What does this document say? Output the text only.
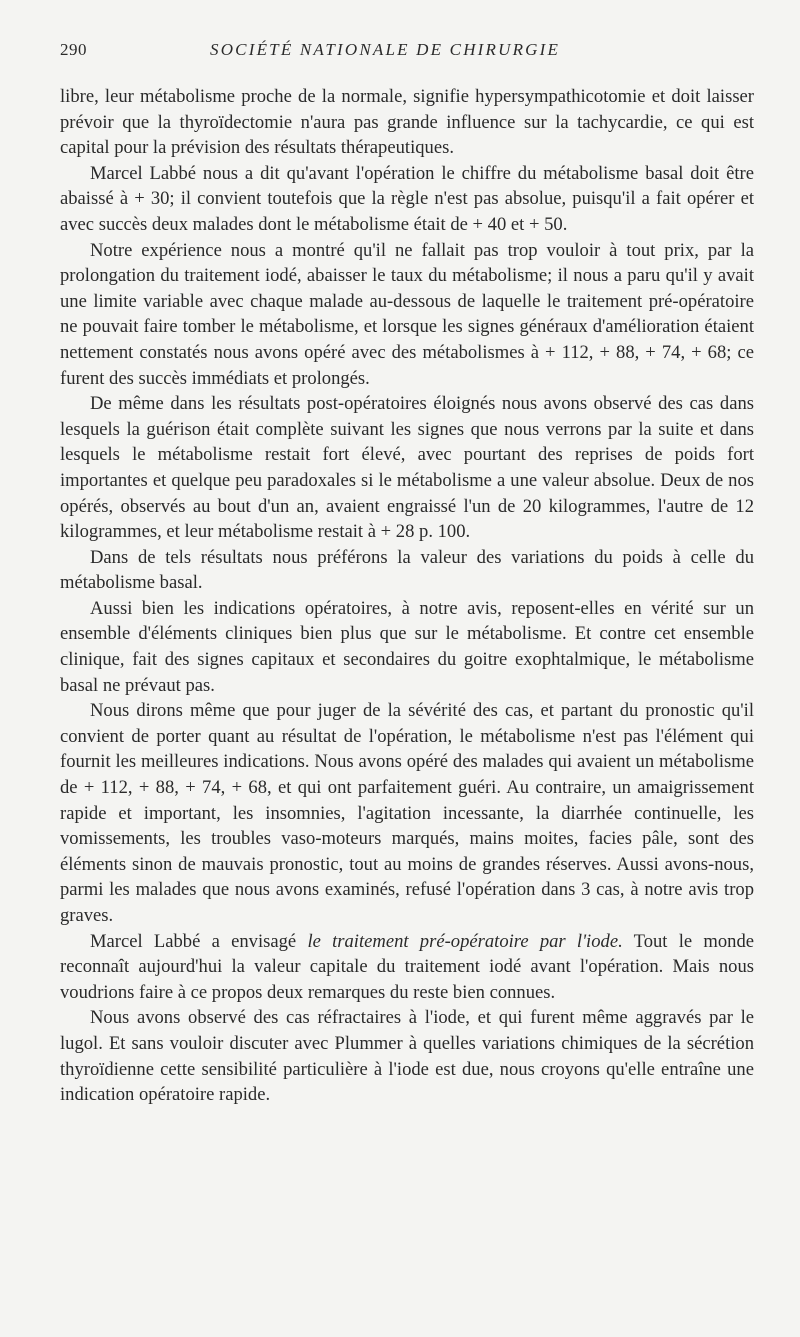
290	SOCIÉTÉ NATIONALE DE CHIRURGIE

libre, leur métabolisme proche de la normale, signifie hypersympathicotomie et doit laisser prévoir que la thyroïdectomie n'aura pas grande influence sur la tachycardie, ce qui est capital pour la prévision des résultats thérapeutiques.

Marcel Labbé nous a dit qu'avant l'opération le chiffre du métabolisme basal doit être abaissé à + 30; il convient toutefois que la règle n'est pas absolue, puisqu'il a fait opérer et avec succès deux malades dont le métabolisme était de + 40 et + 50.

Notre expérience nous a montré qu'il ne fallait pas trop vouloir à tout prix, par la prolongation du traitement iodé, abaisser le taux du métabolisme; il nous a paru qu'il y avait une limite variable avec chaque malade au-dessous de laquelle le traitement pré-opératoire ne pouvait faire tomber le métabolisme, et lorsque les signes généraux d'amélioration étaient nettement constatés nous avons opéré avec des métabolismes à + 112, + 88, + 74, + 68; ce furent des succès immédiats et prolongés.

De même dans les résultats post-opératoires éloignés nous avons observé des cas dans lesquels la guérison était complète suivant les signes que nous verrons par la suite et dans lesquels le métabolisme restait fort élevé, avec pourtant des reprises de poids fort importantes et quelque peu paradoxales si le métabolisme a une valeur absolue. Deux de nos opérés, observés au bout d'un an, avaient engraissé l'un de 20 kilogrammes, l'autre de 12 kilogrammes, et leur métabolisme restait à + 28 p. 100.

Dans de tels résultats nous préférons la valeur des variations du poids à celle du métabolisme basal.

Aussi bien les indications opératoires, à notre avis, reposent-elles en vérité sur un ensemble d'éléments cliniques bien plus que sur le métabolisme. Et contre cet ensemble clinique, fait des signes capitaux et secondaires du goitre exophtalmique, le métabolisme basal ne prévaut pas.

Nous dirons même que pour juger de la sévérité des cas, et partant du pronostic qu'il convient de porter quant au résultat de l'opération, le métabolisme n'est pas l'élément qui fournit les meilleures indications. Nous avons opéré des malades qui avaient un métabolisme de + 112, + 88, + 74, + 68, et qui ont parfaitement guéri. Au contraire, un amaigrissement rapide et important, les insomnies, l'agitation incessante, la diarrhée continuelle, les vomissements, les troubles vaso-moteurs marqués, mains moites, facies pâle, sont des éléments sinon de mauvais pronostic, tout au moins de grandes réserves. Aussi avons-nous, parmi les malades que nous avons examinés, refusé l'opération dans 3 cas, à notre avis trop graves.

Marcel Labbé a envisagé le traitement pré-opératoire par l'iode. Tout le monde reconnaît aujourd'hui la valeur capitale du traitement iodé avant l'opération. Mais nous voudrions faire à ce propos deux remarques du reste bien connues.

Nous avons observé des cas réfractaires à l'iode, et qui furent même aggravés par le lugol. Et sans vouloir discuter avec Plummer à quelles variations chimiques de la sécrétion thyroïdienne cette sensibilité particulière à l'iode est due, nous croyons qu'elle entraîne une indication opératoire rapide.
